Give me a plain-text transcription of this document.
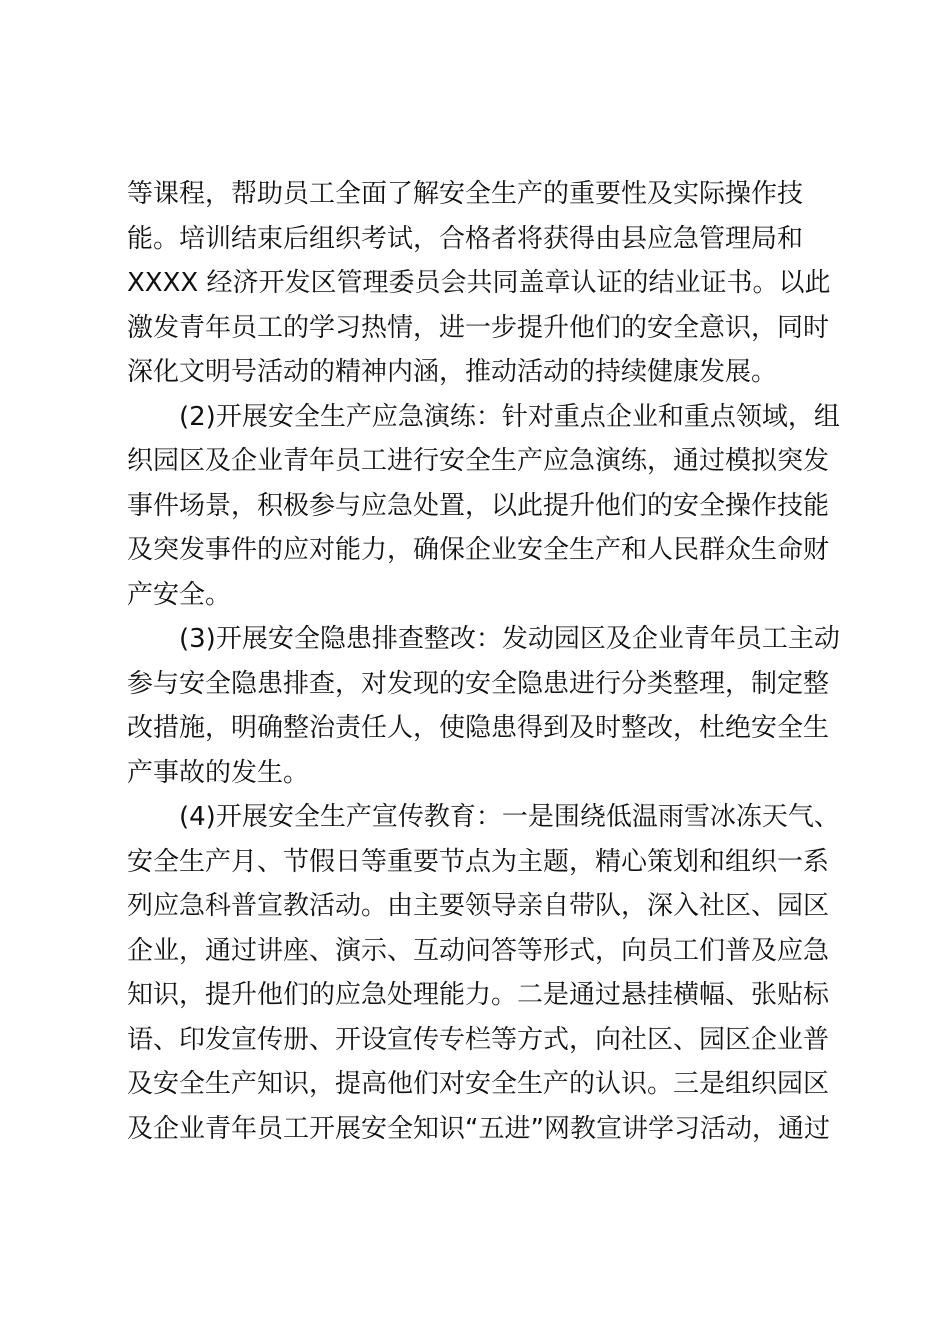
等课程，帮助员工全面了解安全生产的重要性及实际操作技
能。培训结束后组织考试，合格者将获得由县应急管理局和
XXXX 经济开发区管理委员会共同盖章认证的结业证书。以此
激发青年员工的学习热情，进一步提升他们的安全意识，同时
深化文明号活动的精神内涵，推动活动的持续健康发展。
(2)开展安全生产应急演练：针对重点企业和重点领域，组
织园区及企业青年员工进行安全生产应急演练，通过模拟突发
事件场景，积极参与应急处置，以此提升他们的安全操作技能
及突发事件的应对能力，确保企业安全生产和人民群众生命财
产安全。
(3)开展安全隐患排查整改：发动园区及企业青年员工主动
参与安全隐患排查，对发现的安全隐患进行分类整理，制定整
改措施，明确整治责任人，使隐患得到及时整改，杜绝安全生
产事故的发生。
(4)开展安全生产宣传教育：一是围绕低温雨雪冰冻天气、
安全生产月、节假日等重要节点为主题，精心策划和组织一系
列应急科普宣教活动。由主要领导亲自带队，深入社区、园区
企业，通过讲座、演示、互动问答等形式，向员工们普及应急
知识，提升他们的应急处理能力。二是通过悬挂横幅、张贴标
语、印发宣传册、开设宣传专栏等方式，向社区、园区企业普
及安全生产知识，提高他们对安全生产的认识。三是组织园区
及企业青年员工开展安全知识“五进”网教宣讲学习活动，通过
